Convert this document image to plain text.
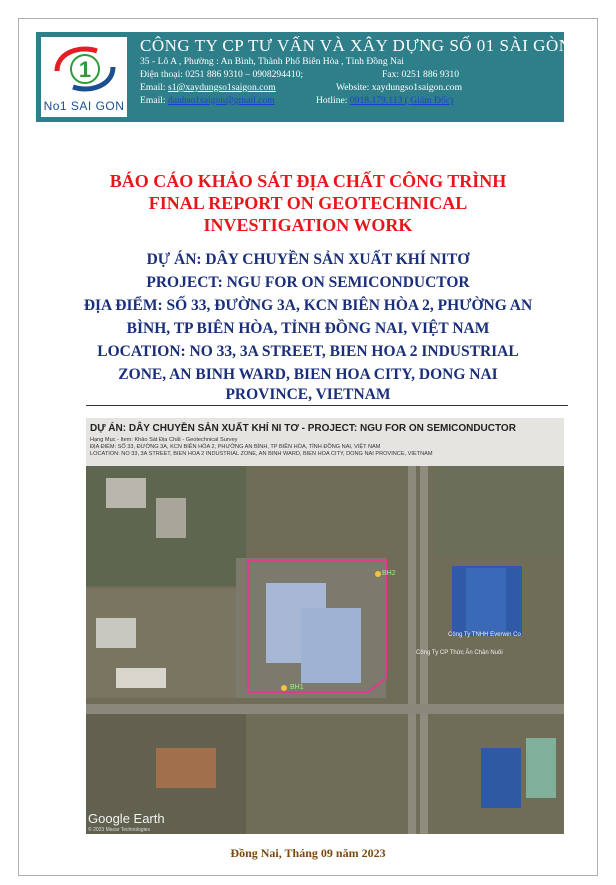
1
No1 SAI GON
CÔNG TY CP TƯ VẤN VÀ XÂY DỰNG SỐ 01 SÀI GÒN
35 - Lô A , Phường : An Bình, Thành Phố Biên Hòa , Tỉnh Đồng Nai
Điện thoại: 0251 886 9310 – 0908294410;	Fax: 0251 886 9310
Email: s1@xaydungso1saigon.com	Website: xaydungso1saigon.com
Email: danhso1saigon@gmail.com	Hotline: 0918.179.113 ( Giám Đốc)
BÁO CÁO KHẢO SÁT ĐỊA CHẤT CÔNG TRÌNH
FINAL REPORT ON GEOTECHNICAL
INVESTIGATION WORK
DỰ ÁN: DÂY CHUYỀN SẢN XUẤT KHÍ NITƠ
PROJECT: NGU FOR ON SEMICONDUCTOR
ĐỊA ĐIỂM: SỐ 33, ĐƯỜNG 3A, KCN BIÊN HÒA 2, PHƯỜNG AN
BÌNH, TP BIÊN HÒA, TỈNH ĐỒNG NAI, VIỆT NAM
LOCATION: NO 33, 3A STREET, BIEN HOA 2 INDUSTRIAL
ZONE, AN BINH WARD, BIEN HOA CITY, DONG NAI
PROVINCE, VIETNAM
DỰ ÁN: DÂY CHUYỀN SẢN XUẤT KHÍ NI TƠ - PROJECT: NGU FOR ON SEMICONDUCTOR
Hạng Mục - Item: Khảo Sát Địa Chất - Geotechnical Survey
ĐỊA ĐIỂM: SỐ 33, ĐƯỜNG 3A, KCN BIÊN HÒA 2, PHƯỜNG AN BÌNH, TP BIÊN HÒA, TỈNH ĐỒNG NAI, VIỆT NAM
LOCATION: NO 33, 3A STREET, BIEN HOA 2 INDUSTRIAL ZONE, AN BINH WARD, BIEN HOA CITY, DONG NAI PROVINCE, VIETNAM
BH2
BH1
Công Ty TNHH Everwin Co
Công Ty CP Thức Ăn Chăn Nuôi
Google Earth
© 2023 Maxar Technologies
Đồng Nai, Tháng 09 năm 2023
